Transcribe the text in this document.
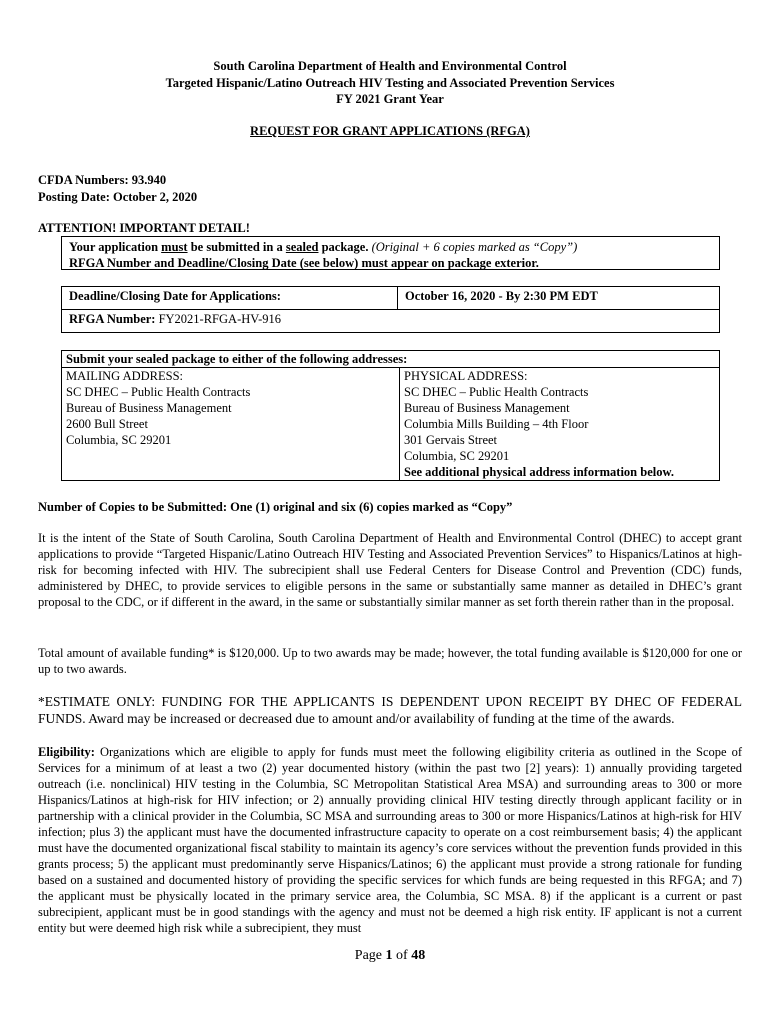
South Carolina Department of Health and Environmental Control
Targeted Hispanic/Latino Outreach HIV Testing and Associated Prevention Services
FY 2021 Grant Year
REQUEST FOR GRANT APPLICATIONS (RFGA)
CFDA Numbers: 93.940
Posting Date: October 2, 2020
ATTENTION! IMPORTANT DETAIL!
Your application must be submitted in a sealed package. (Original + 6 copies marked as “Copy”)
RFGA Number and Deadline/Closing Date (see below) must appear on package exterior.
Deadline/Closing Date for Applications:	October 16, 2020 - By 2:30 PM EDT
RFGA Number: FY2021-RFGA-HV-916
Submit your sealed package to either of the following addresses:

MAILING ADDRESS:
SC DHEC – Public Health Contracts
Bureau of Business Management
2600 Bull Street
Columbia, SC 29201

PHYSICAL ADDRESS:
SC DHEC – Public Health Contracts
Bureau of Business Management
Columbia Mills Building – 4th Floor
301 Gervais Street
Columbia, SC 29201
See additional physical address information below.
Number of Copies to be Submitted: One (1) original and six (6) copies marked as “Copy”
It is the intent of the State of South Carolina, South Carolina Department of Health and Environmental Control (DHEC) to accept grant applications to provide “Targeted Hispanic/Latino Outreach HIV Testing and Associated Prevention Services” to Hispanics/Latinos at high-risk for becoming infected with HIV. The subrecipient shall use Federal Centers for Disease Control and Prevention (CDC) funds, administered by DHEC, to provide services to eligible persons in the same or substantially same manner as detailed in DHEC’s grant proposal to the CDC, or if different in the award, in the same or substantially similar manner as set forth therein rather than in the proposal.
Total amount of available funding* is $120,000. Up to two awards may be made; however, the total funding available is $120,000 for one or up to two awards.
*ESTIMATE ONLY: FUNDING FOR THE APPLICANTS IS DEPENDENT UPON RECEIPT BY DHEC OF FEDERAL FUNDS. Award may be increased or decreased due to amount and/or availability of funding at the time of the awards.
Eligibility: Organizations which are eligible to apply for funds must meet the following eligibility criteria as outlined in the Scope of Services for a minimum of at least a two (2) year documented history (within the past two [2] years): 1) annually providing targeted outreach (i.e. nonclinical) HIV testing in the Columbia, SC Metropolitan Statistical Area MSA) and surrounding areas to 300 or more Hispanics/Latinos at high-risk for HIV infection; or 2) annually providing clinical HIV testing directly through applicant facility or in partnership with a clinical provider in the Columbia, SC MSA and surrounding areas to 300 or more Hispanics/Latinos at high-risk for HIV infection; plus 3) the applicant must have the documented infrastructure capacity to operate on a cost reimbursement basis; 4) the applicant must have the documented organizational fiscal stability to maintain its agency’s core services without the prevention funds provided in this grants process; 5) the applicant must predominantly serve Hispanics/Latinos; 6) the applicant must provide a strong rationale for funding based on a sustained and documented history of providing the specific services for which funds are being requested in this RFGA; and 7) the applicant must be physically located in the primary service area, the Columbia, SC MSA. 8) if the applicant is a current or past subrecipient, applicant must be in good standings with the agency and must not be deemed a high risk entity. IF applicant is not a current entity but were deemed high risk while a subrecipient, they must
Page 1 of 48
